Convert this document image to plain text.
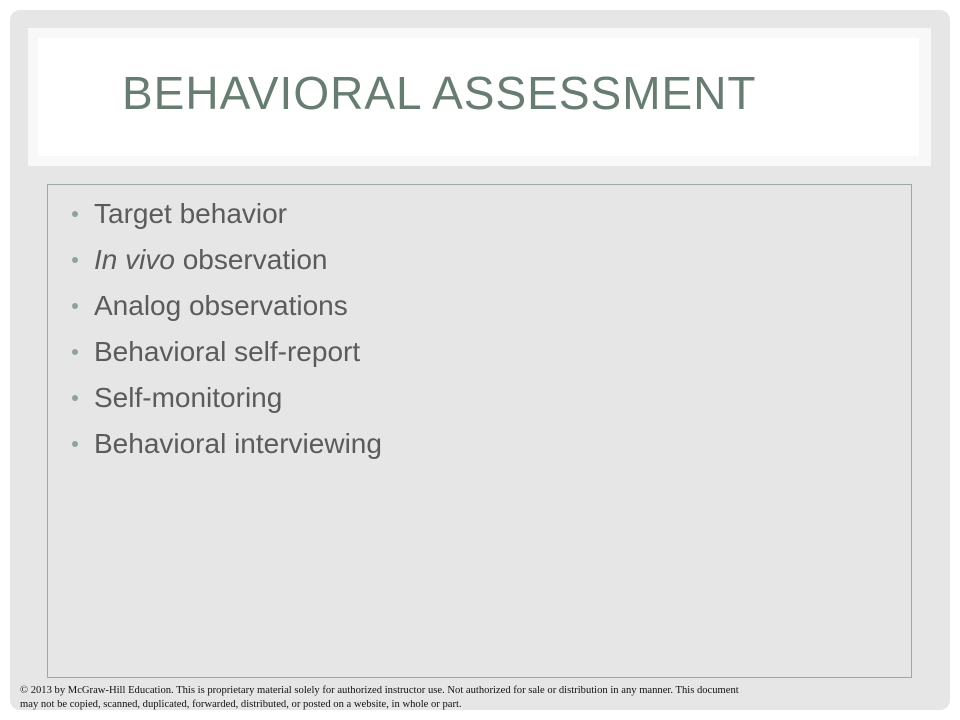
BEHAVIORAL ASSESSMENT
Target behavior
In vivo observation
Analog observations
Behavioral self-report
Self-monitoring
Behavioral interviewing

© 2013 by McGraw-Hill Education. This is proprietary material solely for authorized instructor use. Not authorized for sale or distribution in any manner. This document

may not be copied, scanned, duplicated, forwarded, distributed, or posted on a website, in whole or part.
